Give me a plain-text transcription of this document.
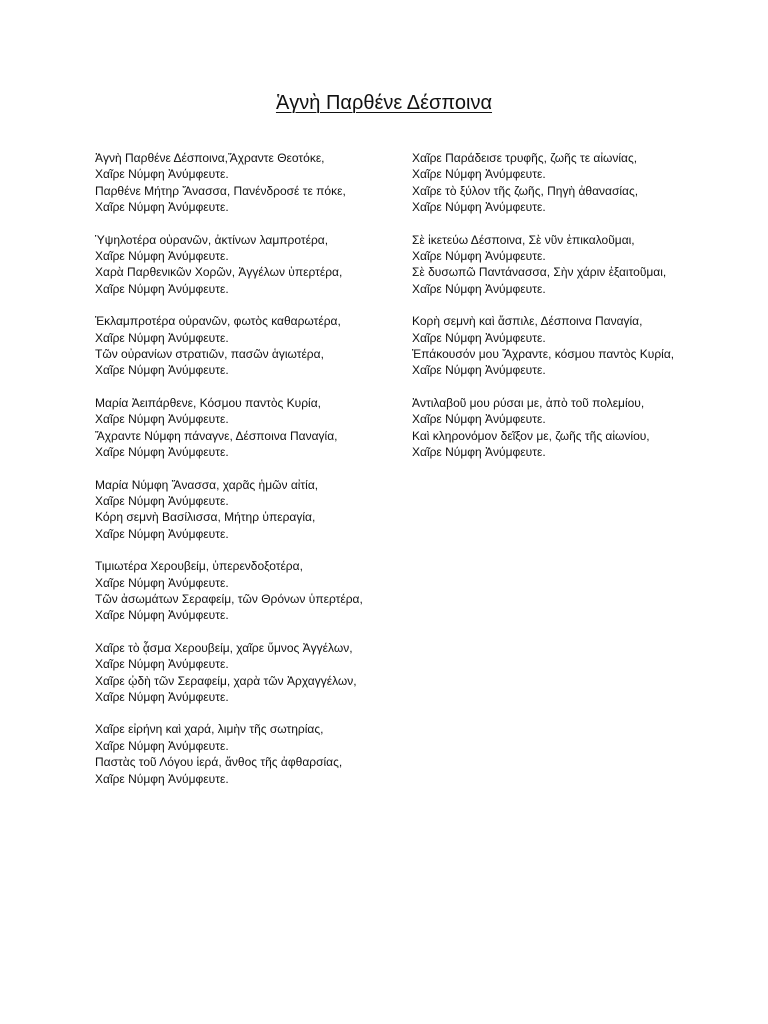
Ἁγνὴ Παρθένε Δέσποινα
Ἁγνὴ Παρθένε Δέσποινα,Ἄχραντε Θεοτόκε,
Χαῖρε Νύμφη Ἀνύμφευτε.
Παρθένε Μήτηρ Ἄνασσα, Πανένδροσέ τε πόκε,
Χαῖρε Νύμφη Ἀνύμφευτε.
Ὑψηλοτέρα οὐρανῶν, ἀκτίνων λαμπροτέρα,
Χαῖρε Νύμφη Ἀνύμφευτε.
Χαρὰ Παρθενικῶν Χορῶν, Ἀγγέλων ὑπερτέρα,
Χαῖρε Νύμφη Ἀνύμφευτε.
Ἐκλαμπροτέρα οὐρανῶν, φωτὸς καθαρωτέρα,
Χαῖρε Νύμφη Ἀνύμφευτε.
Τῶν οὐρανίων στρατιῶν, πασῶν ἁγιωτέρα,
Χαῖρε Νύμφη Ἀνύμφευτε.
Μαρία Ἀειπάρθενε, Κόσμου παντὸς Κυρία,
Χαῖρε Νύμφη Ἀνύμφευτε.
Ἄχραντε Νύμφη πάναγνε, Δέσποινα Παναγία,
Χαῖρε Νύμφη Ἀνύμφευτε.
Μαρία Νύμφη Ἄνασσα, χαρᾶς ἡμῶν αἰτία,
Χαῖρε Νύμφη Ἀνύμφευτε.
Κόρη σεμνὴ Βασίλισσα, Μήτηρ ὑπεραγία,
Χαῖρε Νύμφη Ἀνύμφευτε.
Τιμιωτέρα Χερουβείμ, ὑπερενδοξοτέρα,
Χαῖρε Νύμφη Ἀνύμφευτε.
Τῶν ἀσωμάτων Σεραφείμ, τῶν Θρόνων ὑπερτέρα,
Χαῖρε Νύμφη Ἀνύμφευτε.
Χαῖρε τὸ ᾆσμα Χερουβείμ, χαῖρε ὕμνος Ἀγγέλων,
Χαῖρε Νύμφη Ἀνύμφευτε.
Χαῖρε ᾠδὴ τῶν Σεραφείμ, χαρὰ τῶν Ἀρχαγγέλων,
Χαῖρε Νύμφη Ἀνύμφευτε.
Χαῖρε εἰρήνη καὶ χαρά, λιμὴν τῆς σωτηρίας,
Χαῖρε Νύμφη Ἀνύμφευτε.
Παστὰς τοῦ Λόγου ἱερά, ἄνθος τῆς ἀφθαρσίας,
Χαῖρε Νύμφη Ἀνύμφευτε.
Χαῖρε Παράδεισε τρυφῆς, ζωῆς τε αἰωνίας,
Χαῖρε Νύμφη Ἀνύμφευτε.
Χαῖρε τὸ ξύλον τῆς ζωῆς, Πηγὴ ἀθανασίας,
Χαῖρε Νύμφη Ἀνύμφευτε.
Σὲ ἱκετεύω Δέσποινα, Σὲ νῦν ἐπικαλοῦμαι,
Χαῖρε Νύμφη Ἀνύμφευτε.
Σὲ δυσωπῶ Παντάνασσα, Σὴν χάριν ἐξαιτοῦμαι,
Χαῖρε Νύμφη Ἀνύμφευτε.
Κορὴ σεμνὴ καὶ ἄσπιλε, Δέσποινα Παναγία,
Χαῖρε Νύμφη Ἀνύμφευτε.
Ἐπάκουσόν μου Ἄχραντε, κόσμου παντὸς Κυρία,
Χαῖρε Νύμφη Ἀνύμφευτε.
Ἀντιλαβοῦ μου ρύσαι με, ἀπὸ τοῦ πολεμίου,
Χαῖρε Νύμφη Ἀνύμφευτε.
Καὶ κληρονόμον δεῖξον με, ζωῆς τῆς αἰωνίου,
Χαῖρε Νύμφη Ἀνύμφευτε.
